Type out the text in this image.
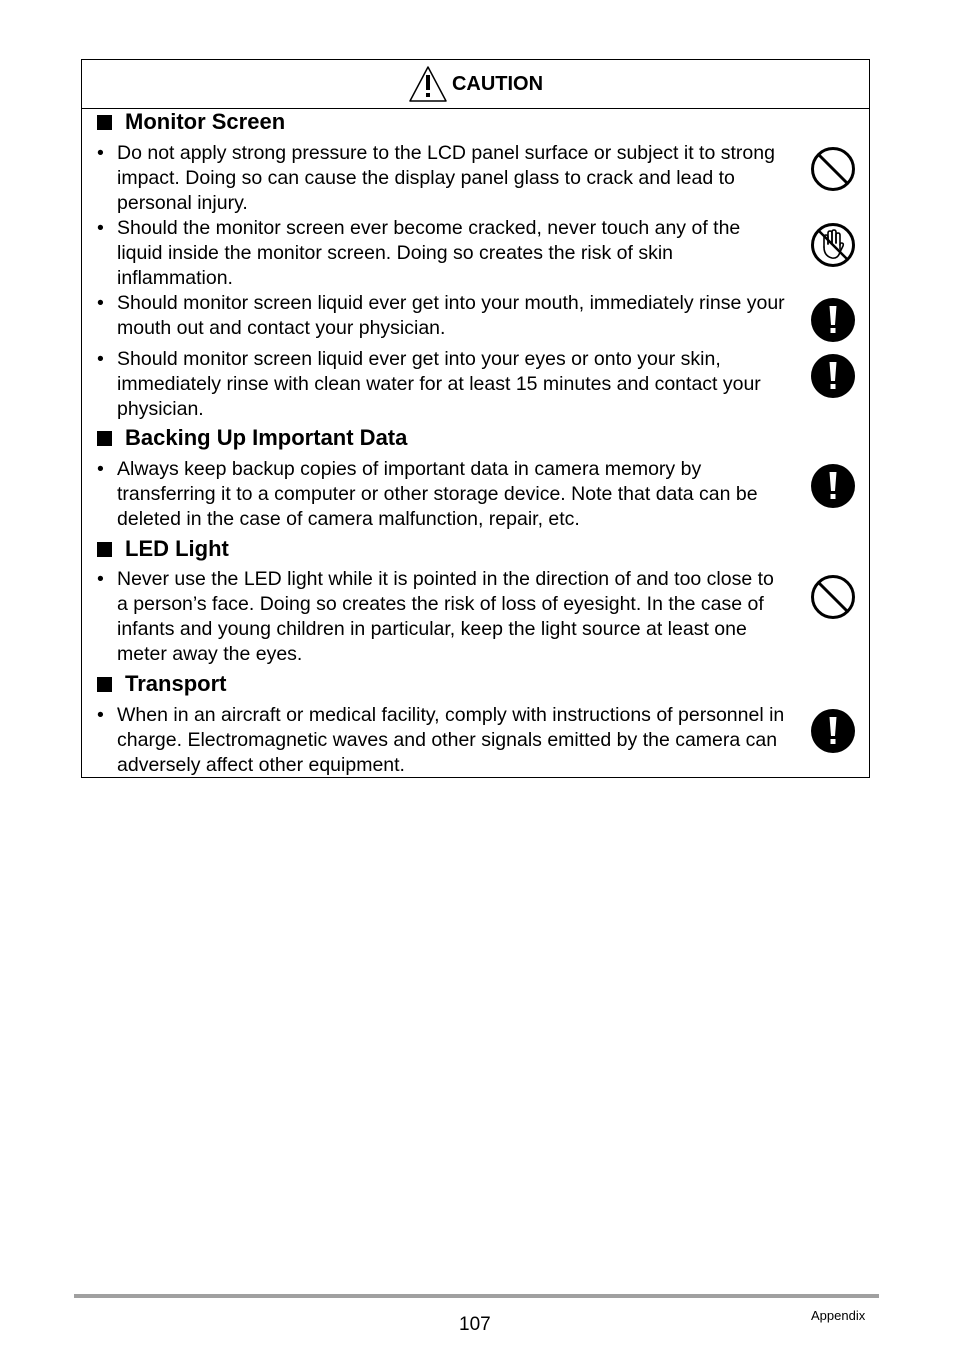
CAUTION
Monitor Screen
• Do not apply strong pressure to the LCD panel surface or subject it to strong impact. Doing so can cause the display panel glass to crack and lead to personal injury.
• Should the monitor screen ever become cracked, never touch any of the liquid inside the monitor screen. Doing so creates the risk of skin inflammation.
• Should monitor screen liquid ever get into your mouth, immediately rinse your mouth out and contact your physician.
• Should monitor screen liquid ever get into your eyes or onto your skin, immediately rinse with clean water for at least 15 minutes and contact your physician.
Backing Up Important Data
• Always keep backup copies of important data in camera memory by transferring it to a computer or other storage device. Note that data can be deleted in the case of camera malfunction, repair, etc.
LED Light
• Never use the LED light while it is pointed in the direction of and too close to a person’s face. Doing so creates the risk of loss of eyesight. In the case of infants and young children in particular, keep the light source at least one meter away the eyes.
Transport
• When in an aircraft or medical facility, comply with instructions of personnel in charge. Electromagnetic waves and other signals emitted by the camera can adversely affect other equipment.
107	Appendix
